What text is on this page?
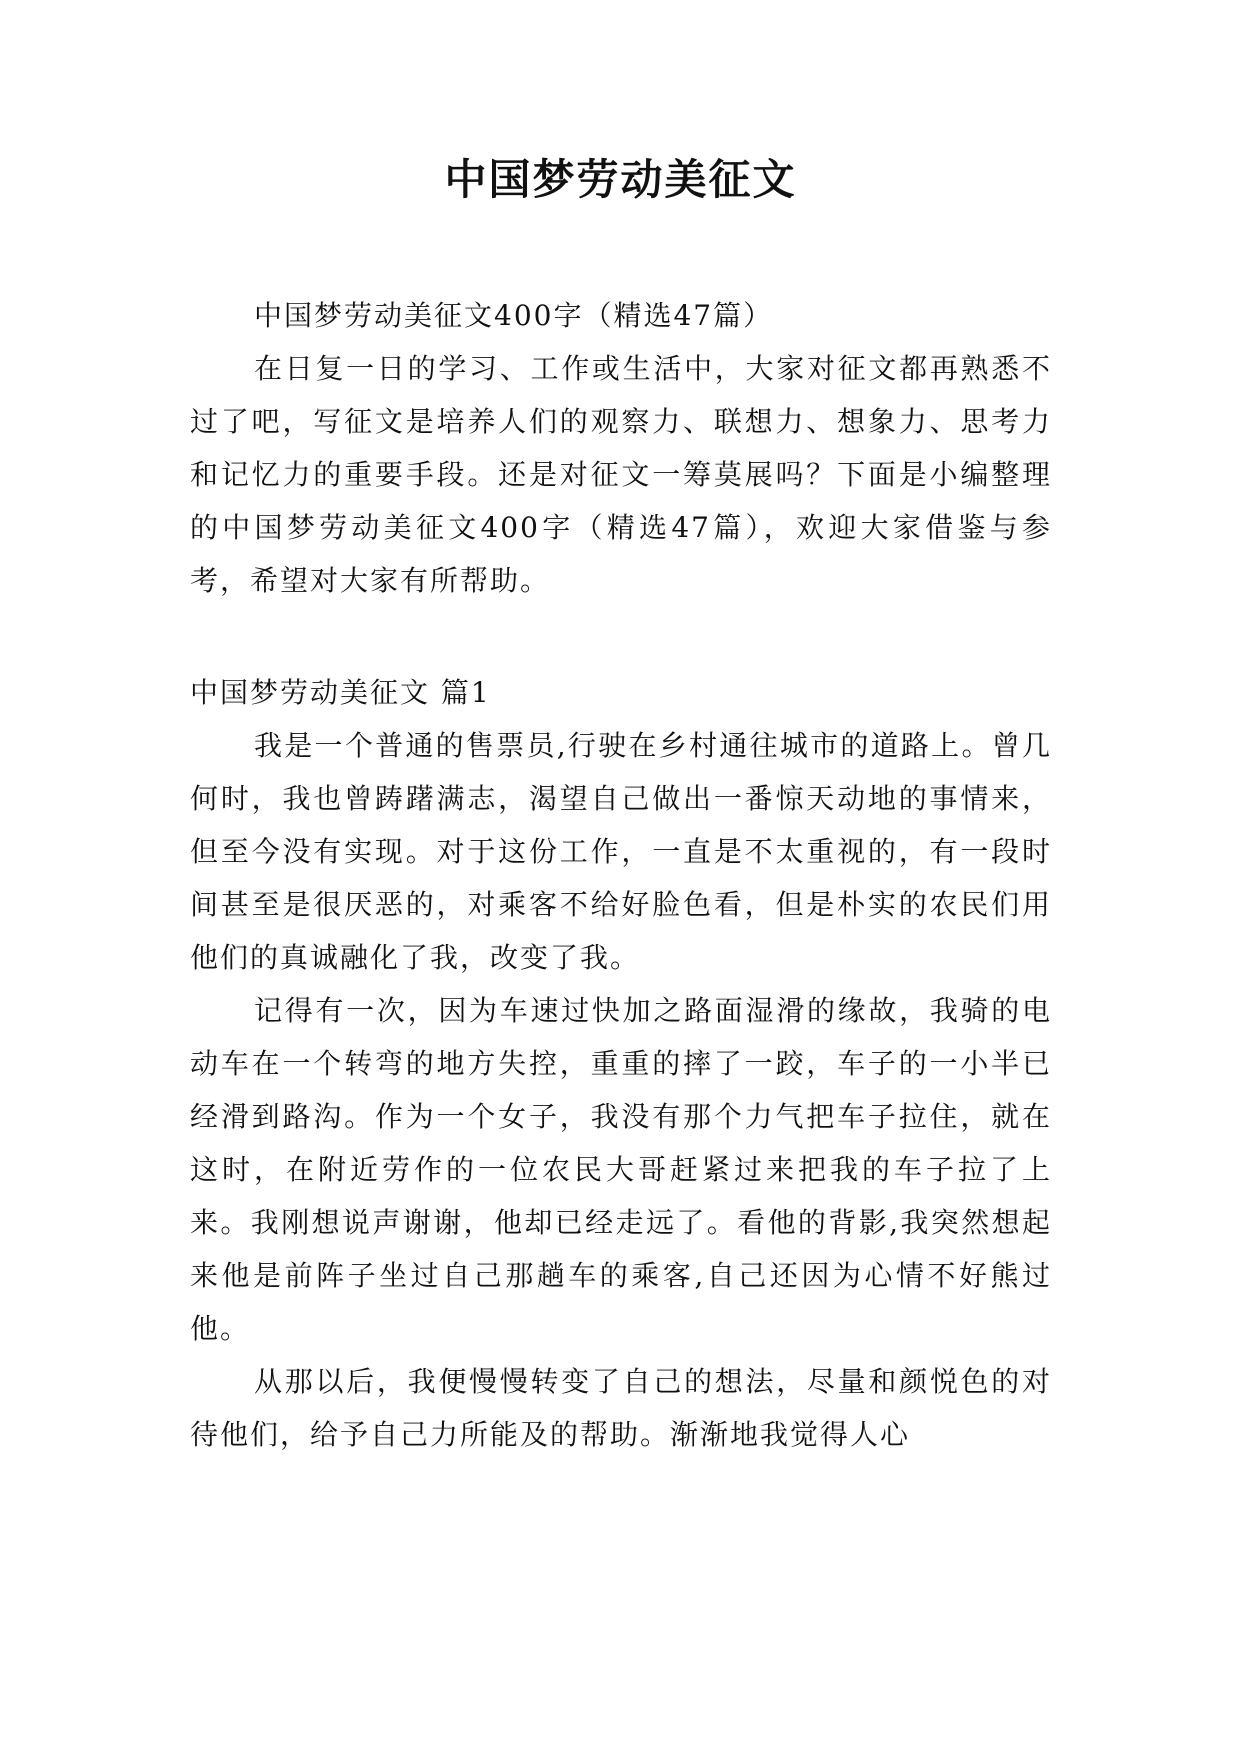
中国梦劳动美征文

中国梦劳动美征文400字（精选47篇）

在日复一日的学习、工作或生活中，大家对征文都再熟悉不过了吧，写征文是培养人们的观察力、联想力、想象力、思考力和记忆力的重要手段。还是对征文一筹莫展吗？下面是小编整理的中国梦劳动美征文400字（精选47篇），欢迎大家借鉴与参考，希望对大家有所帮助。

中国梦劳动美征文 篇1

我是一个普通的售票员,行驶在乡村通往城市的道路上。曾几何时，我也曾踌躇满志，渴望自己做出一番惊天动地的事情来，但至今没有实现。对于这份工作，一直是不太重视的，有一段时间甚至是很厌恶的，对乘客不给好脸色看，但是朴实的农民们用他们的真诚融化了我，改变了我。

记得有一次，因为车速过快加之路面湿滑的缘故，我骑的电动车在一个转弯的地方失控，重重的摔了一跤，车子的一小半已经滑到路沟。作为一个女子，我没有那个力气把车子拉住，就在这时，在附近劳作的一位农民大哥赶紧过来把我的车子拉了上来。我刚想说声谢谢，他却已经走远了。看他的背影,我突然想起来他是前阵子坐过自己那趟车的乘客,自己还因为心情不好熊过他。

从那以后，我便慢慢转变了自己的想法，尽量和颜悦色的对待他们，给予自己力所能及的帮助。渐渐地我觉得人心
